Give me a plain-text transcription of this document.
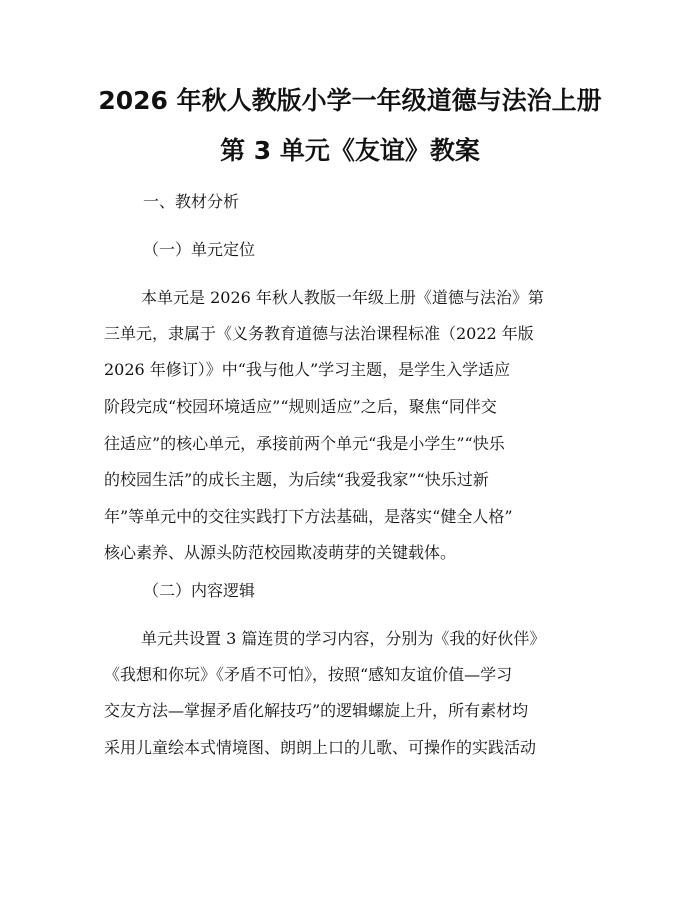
2026 年秋人教版小学一年级道德与法治上册
第 3 单元《友谊》教案
一、教材分析
（一）单元定位
本单元是 2026 年秋人教版一年级上册《道德与法治》第
三单元，隶属于《义务教育道德与法治课程标准（2022 年版
2026 年修订）》中“我与他人”学习主题，是学生入学适应
阶段完成“校园环境适应”“规则适应”之后，聚焦“同伴交
往适应”的核心单元，承接前两个单元“我是小学生”“快乐
的校园生活”的成长主题，为后续“我爱我家”“快乐过新
年”等单元中的交往实践打下方法基础，是落实“健全人格”
核心素养、从源头防范校园欺凌萌芽的关键载体。
（二）内容逻辑
单元共设置 3 篇连贯的学习内容，分别为《我的好伙伴》
《我想和你玩》《矛盾不可怕》，按照“感知友谊价值—学习
交友方法—掌握矛盾化解技巧”的逻辑螺旋上升，所有素材均
采用儿童绘本式情境图、朗朗上口的儿歌、可操作的实践活动
